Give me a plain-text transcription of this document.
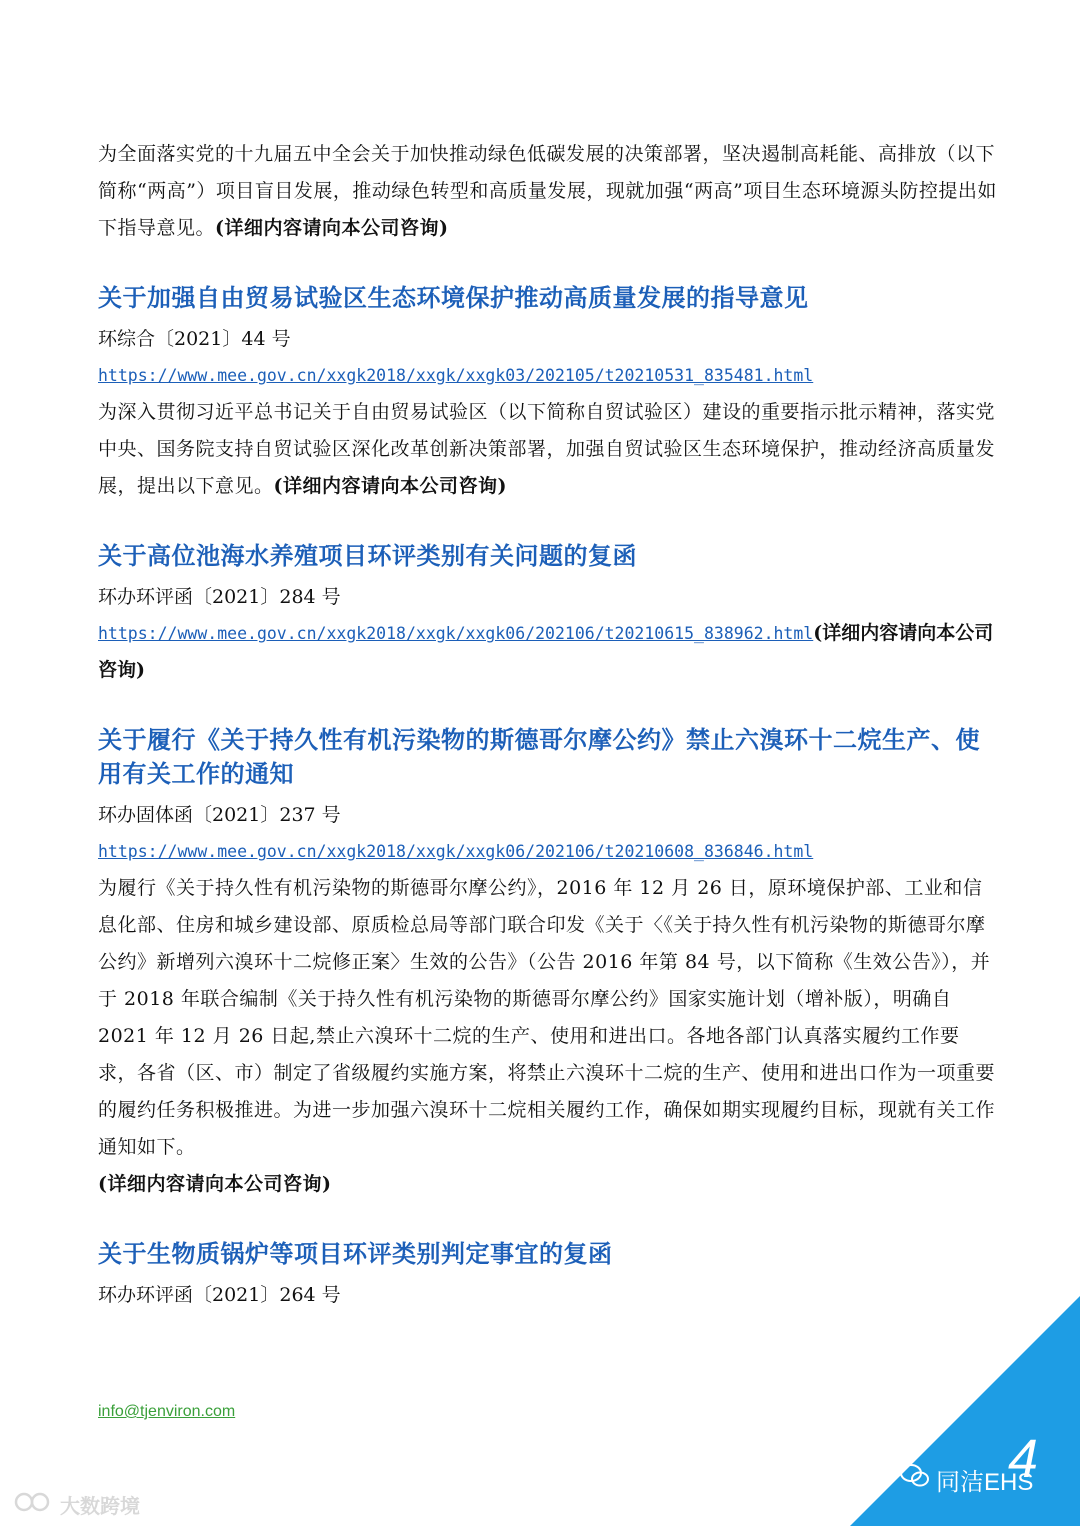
为全面落实党的十九届五中全会关于加快推动绿色低碳发展的决策部署，坚决遏制高耗能、高排放（以下简称“两高”）项目盲目发展，推动绿色转型和高质量发展，现就加强“两高”项目生态环境源头防控提出如下指导意见。(详细内容请向本公司咨询)

关于加强自由贸易试验区生态环境保护推动高质量发展的指导意见

环综合〔2021〕44 号

https://www.mee.gov.cn/xxgk2018/xxgk/xxgk03/202105/t20210531_835481.html

为深入贯彻习近平总书记关于自由贸易试验区（以下简称自贸试验区）建设的重要指示批示精神，落实党中央、国务院支持自贸试验区深化改革创新决策部署，加强自贸试验区生态环境保护，推动经济高质量发展，提出以下意见。(详细内容请向本公司咨询)

关于高位池海水养殖项目环评类别有关问题的复函

环办环评函〔2021〕284 号

https://www.mee.gov.cn/xxgk2018/xxgk/xxgk06/202106/t20210615_838962.html(详细内容请向本公司咨询)

关于履行《关于持久性有机污染物的斯德哥尔摩公约》禁止六溴环十二烷生产、使用有关工作的通知

环办固体函〔2021〕237 号

https://www.mee.gov.cn/xxgk2018/xxgk/xxgk06/202106/t20210608_836846.html

为履行《关于持久性有机污染物的斯德哥尔摩公约》，2016 年 12 月 26 日，原环境保护部、工业和信息化部、住房和城乡建设部、原质检总局等部门联合印发《关于〈《关于持久性有机污染物的斯德哥尔摩公约》新增列六溴环十二烷修正案〉生效的公告》（公告 2016 年第 84 号，以下简称《生效公告》），并于 2018 年联合编制《关于持久性有机污染物的斯德哥尔摩公约》国家实施计划（增补版），明确自 2021 年 12 月 26 日起,禁止六溴环十二烷的生产、使用和进出口。各地各部门认真落实履约工作要求，各省（区、市）制定了省级履约实施方案，将禁止六溴环十二烷的生产、使用和进出口作为一项重要的履约任务积极推进。为进一步加强六溴环十二烷相关履约工作，确保如期实现履约目标，现就有关工作通知如下。
(详细内容请向本公司咨询)

关于生物质锅炉等项目环评类别判定事宜的复函

环办环评函〔2021〕264 号

info@tjenviron.com
4
同洁EHS
大数跨境
